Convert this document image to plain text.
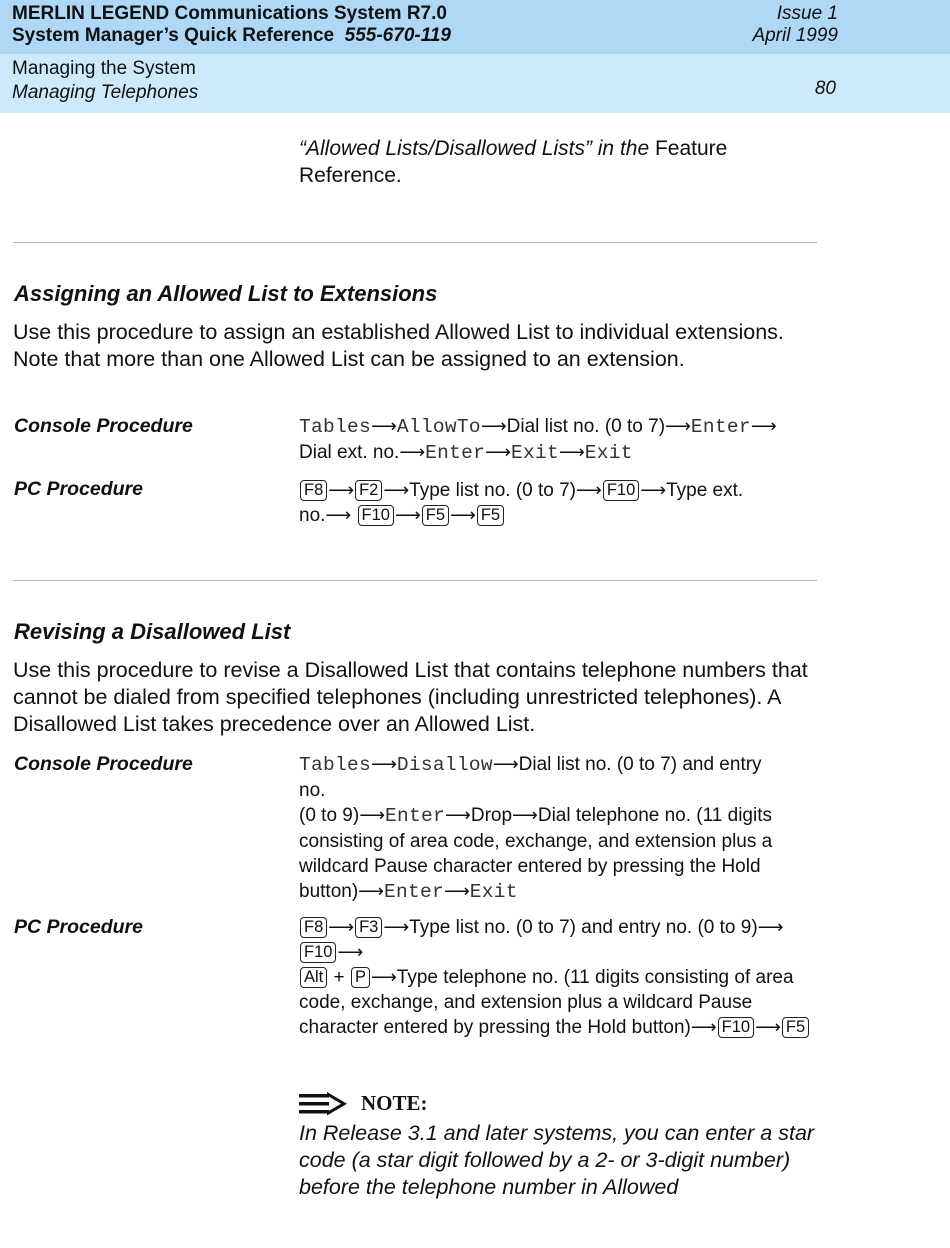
MERLIN LEGEND Communications System R7.0
System Manager’s Quick Reference 555-670-119
Issue 1
April 1999
Managing the System
Managing Telephones	80
“Allowed Lists/Disallowed Lists” in the Feature
Reference.
Assigning an Allowed List to Extensions
Use this procedure to assign an established Allowed List to individual extensions. Note that more than one Allowed List can be assigned to an extension.
Console Procedure	Tables⟶AllowTo⟶Dial list no. (0 to 7)⟶Enter⟶
Dial ext. no.⟶Enter⟶Exit⟶Exit
PC Procedure	F8 ⟶ F2 ⟶Type list no. (0 to 7)⟶ F10 ⟶Type ext.
no.⟶ F10 ⟶ F5 ⟶ F5
Revising a Disallowed List
Use this procedure to revise a Disallowed List that contains telephone numbers that cannot be dialed from specified telephones (including unrestricted telephones). A Disallowed List takes precedence over an Allowed List.
Console Procedure	Tables⟶Disallow⟶Dial list no. (0 to 7) and entry
no.
(0 to 9)⟶Enter⟶Drop⟶Dial telephone no. (11 digits consisting of area code, exchange, and extension plus a wildcard Pause character entered by pressing the Hold button)⟶Enter⟶Exit
PC Procedure	F8 ⟶ F3 ⟶Type list no. (0 to 7) and entry no. (0 to 9)⟶F10 ⟶
Alt + P ⟶Type telephone no. (11 digits consisting of area code, exchange, and extension plus a wildcard Pause character entered by pressing the Hold button)⟶ F10 ⟶ F5
NOTE:
In Release 3.1 and later systems, you can enter a star code (a star digit followed by a 2- or 3-digit number) before the telephone number in Allowed
